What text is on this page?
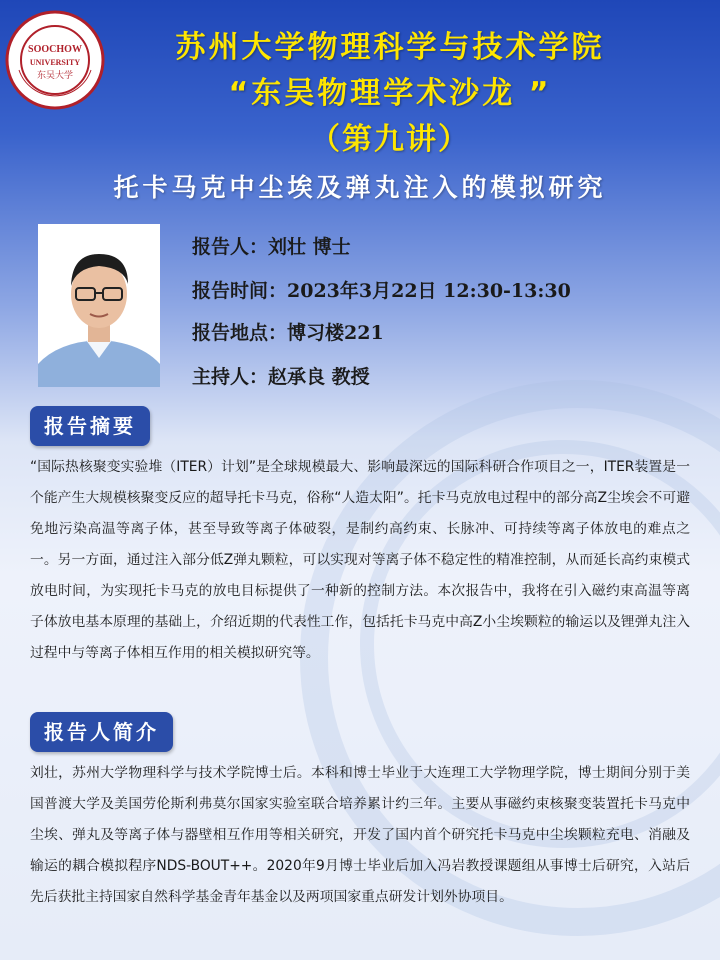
SOOCHOW
UNIVERSITY
东吴大学
苏州大学物理科学与技术学院
“东吴物理学术沙龙 ”
（第九讲）
托卡马克中尘埃及弹丸注入的模拟研究
报告人：刘壮 博士
报告时间：2023年3月22日 12:30-13:30
报告地点：博习楼221
主持人：赵承良 教授
报告摘要
“国际热核聚变实验堆（ITER）计划”是全球规模最大、影响最深远的国际科研合作项目之一，ITER装置是一个能产生大规模核聚变反应的超导托卡马克，俗称“人造太阳”。托卡马克放电过程中的部分高Z尘埃会不可避免地污染高温等离子体，甚至导致等离子体破裂，是制约高约束、长脉冲、可持续等离子体放电的难点之一。另一方面，通过注入部分低Z弹丸颗粒，可以实现对等离子体不稳定性的精准控制，从而延长高约束模式放电时间，为实现托卡马克的放电目标提供了一种新的控制方法。本次报告中，我将在引入磁约束高温等离子体放电基本原理的基础上，介绍近期的代表性工作，包括托卡马克中高Z小尘埃颗粒的输运以及锂弹丸注入过程中与等离子体相互作用的相关模拟研究等。
报告人简介
刘壮，苏州大学物理科学与技术学院博士后。本科和博士毕业于大连理工大学物理学院，博士期间分别于美国普渡大学及美国劳伦斯利弗莫尔国家实验室联合培养累计约三年。主要从事磁约束核聚变装置托卡马克中尘埃、弹丸及等离子体与器壁相互作用等相关研究，开发了国内首个研究托卡马克中尘埃颗粒充电、消融及输运的耦合模拟程序NDS-BOUT++。2020年9月博士毕业后加入冯岩教授课题组从事博士后研究，入站后先后获批主持国家自然科学基金青年基金以及两项国家重点研发计划外协项目。
